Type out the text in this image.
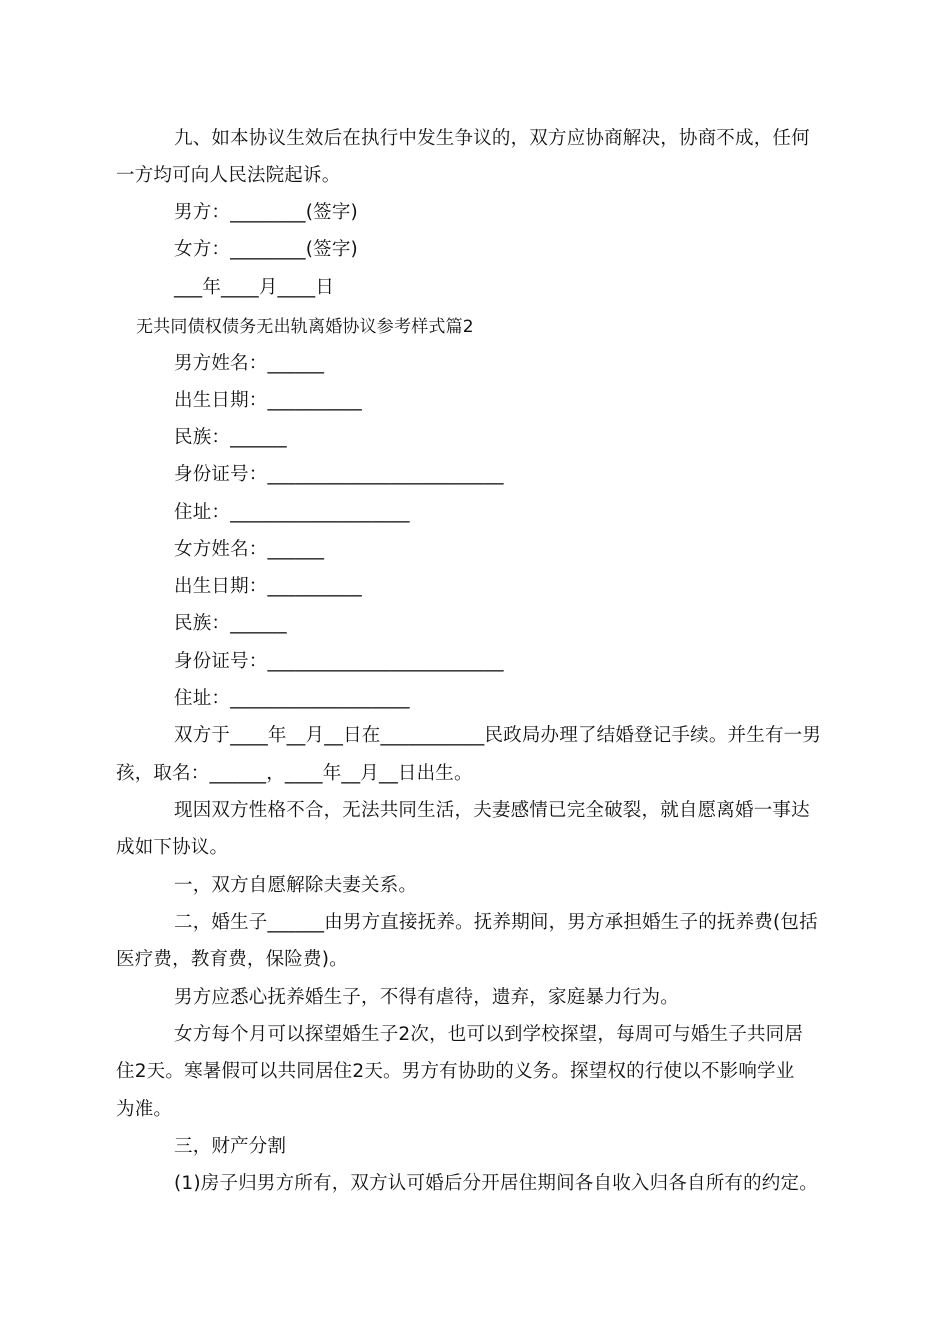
九、如本协议生效后在执行中发生争议的，双方应协商解决，协商不成，任何
一方均可向人民法院起诉。
男方：________(签字)
女方：________(签字)
___年____月____日
无共同债权债务无出轨离婚协议参考样式篇2
男方姓名：______
出生日期：__________
民族：______
身份证号：_________________________
住址：___________________
女方姓名：______
出生日期：__________
民族：______
身份证号：_________________________
住址：___________________
双方于____年__月__日在___________民政局办理了结婚登记手续。并生有一男
孩，取名：______，____年__月__日出生。
现因双方性格不合，无法共同生活，夫妻感情已完全破裂，就自愿离婚一事达
成如下协议。
一，双方自愿解除夫妻关系。
二，婚生子______由男方直接抚养。抚养期间，男方承担婚生子的抚养费(包括
医疗费，教育费，保险费)。
男方应悉心抚养婚生子，不得有虐待，遗弃，家庭暴力行为。
女方每个月可以探望婚生子2次，也可以到学校探望，每周可与婚生子共同居
住2天。寒暑假可以共同居住2天。男方有协助的义务。探望权的行使以不影响学业
为准。
三，财产分割
(1)房子归男方所有，双方认可婚后分开居住期间各自收入归各自所有的约定。
